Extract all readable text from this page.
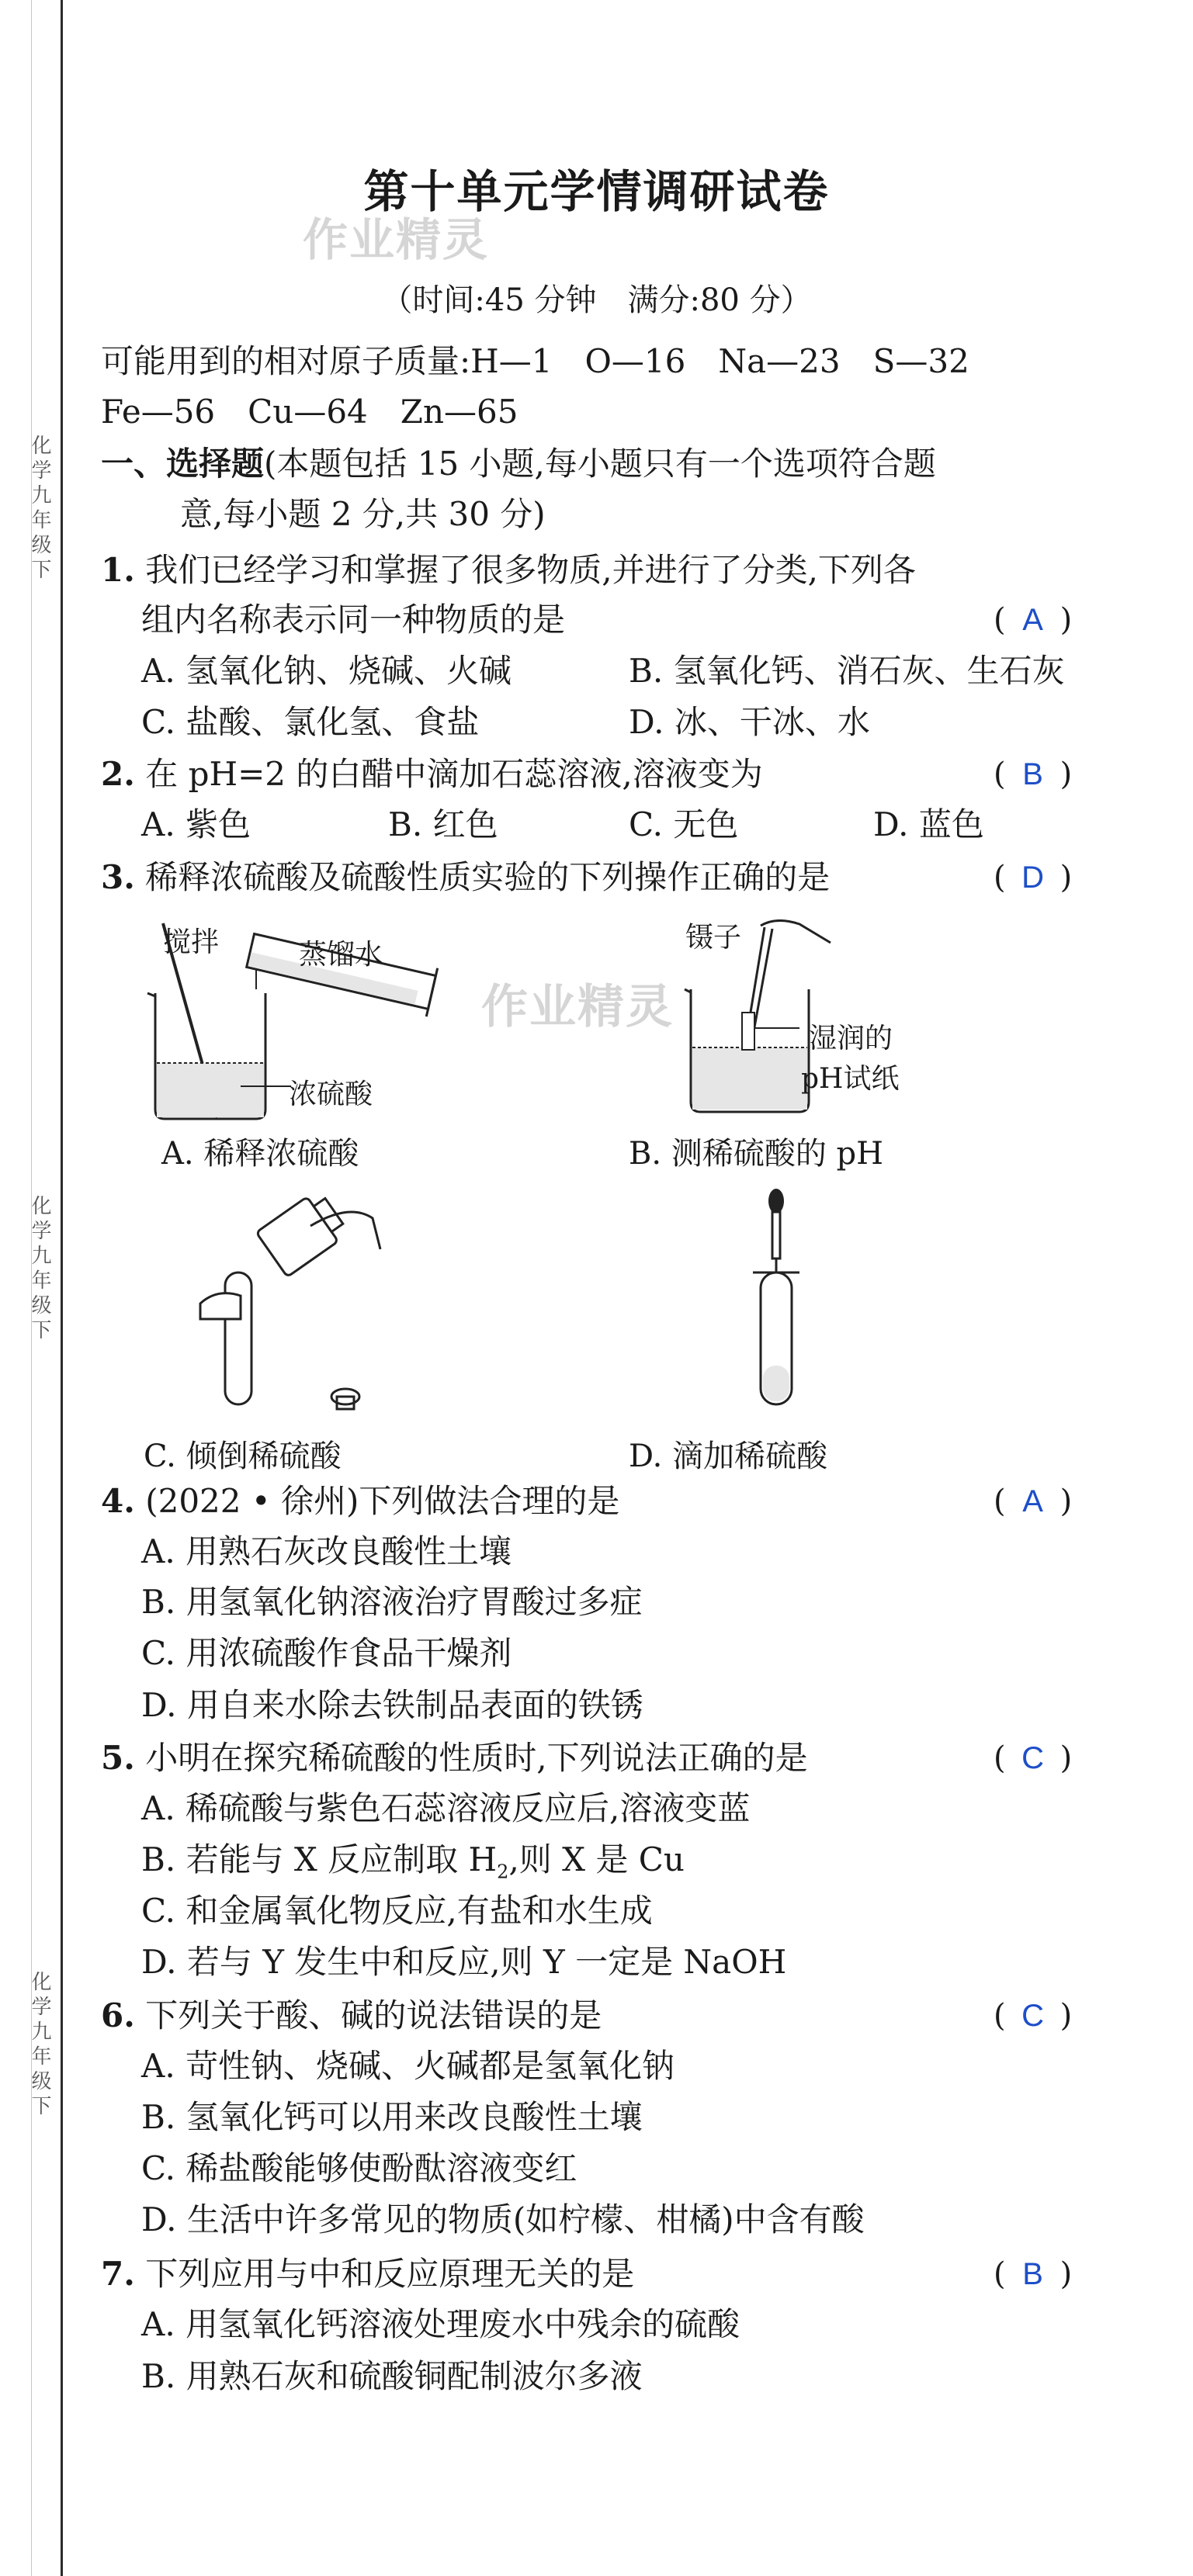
化学九年级下
化学九年级下
化学九年级下
第十单元学情调研试卷
作业精灵
（时间:45 分钟　满分:80 分）
可能用到的相对原子质量:H—1　O—16　Na—23　S—32
Fe—56　Cu—64　Zn—65
一、选择题(本题包括 15 小题,每小题只有一个选项符合题
意,每小题 2 分,共 30 分)
1. 我们已经学习和掌握了很多物质,并进行了分类,下列各
组内名称表示同一种物质的是	( A )
A. 氢氧化钠、烧碱、火碱	B. 氢氧化钙、消石灰、生石灰
C. 盐酸、氯化氢、食盐	D. 冰、干冰、水
2. 在 pH=2 的白醋中滴加石蕊溶液,溶液变为	( B )
A. 紫色	B. 红色	C. 无色	D. 蓝色
3. 稀释浓硫酸及硫酸性质实验的下列操作正确的是	( D )
搅拌	蒸馏水
浓硫酸
A. 稀释浓硫酸
作业精灵
镊子
湿润的
pH试纸
B. 测稀硫酸的 pH
C. 倾倒稀硫酸	D. 滴加稀硫酸
4. (2022 • 徐州)下列做法合理的是	( A )
A. 用熟石灰改良酸性土壤
B. 用氢氧化钠溶液治疗胃酸过多症
C. 用浓硫酸作食品干燥剂
D. 用自来水除去铁制品表面的铁锈
5. 小明在探究稀硫酸的性质时,下列说法正确的是	( C )
A. 稀硫酸与紫色石蕊溶液反应后,溶液变蓝
B. 若能与 X 反应制取 $H_2$,则 X 是 Cu
C. 和金属氧化物反应,有盐和水生成
D. 若与 Y 发生中和反应,则 Y 一定是 NaOH
6. 下列关于酸、碱的说法错误的是	( C )
A. 苛性钠、烧碱、火碱都是氢氧化钠
B. 氢氧化钙可以用来改良酸性土壤
C. 稀盐酸能够使酚酞溶液变红
D. 生活中许多常见的物质(如柠檬、柑橘)中含有酸
7. 下列应用与中和反应原理无关的是	( B )
A. 用氢氧化钙溶液处理废水中残余的硫酸
B. 用熟石灰和硫酸铜配制波尔多液
